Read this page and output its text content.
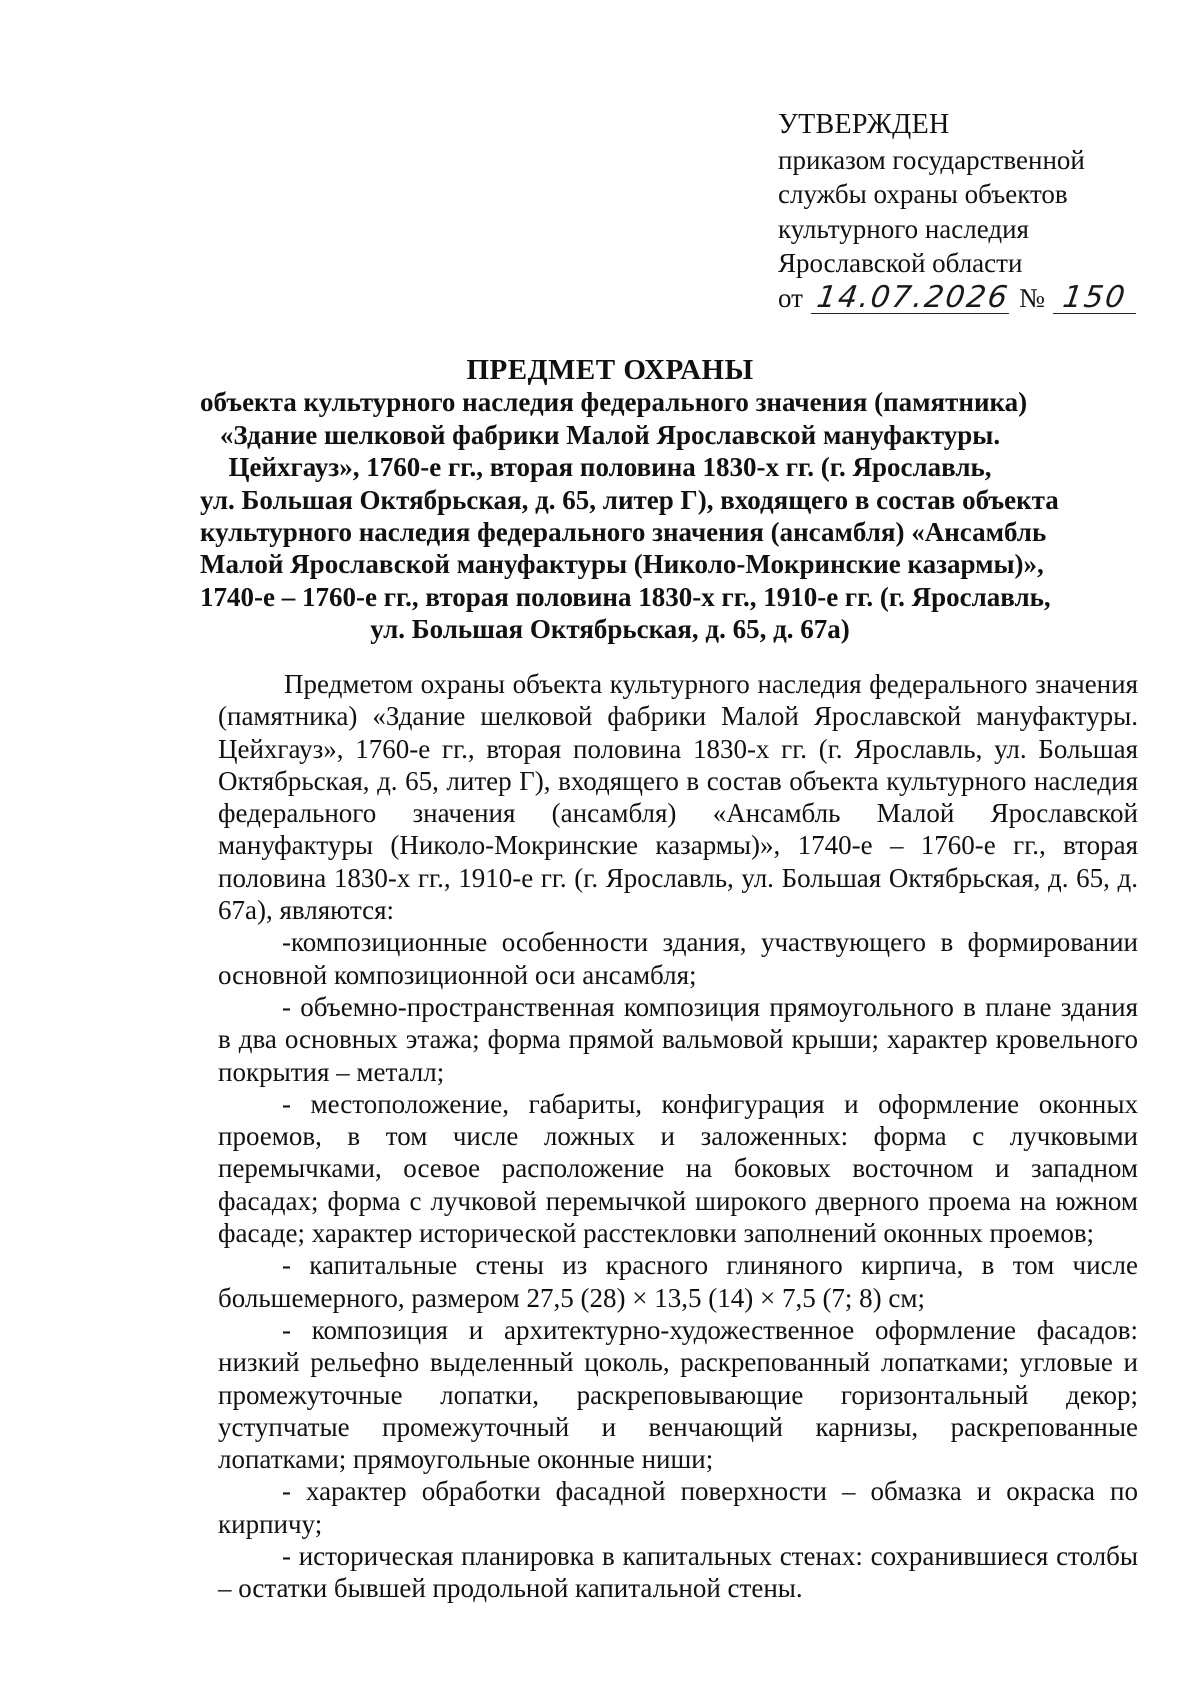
УТВЕРЖДЕН
приказом государственной
службы охраны объектов
культурного наследия
Ярославской области
от 14.07.2026 № 150
ПРЕДМЕТ ОХРАНЫ
объекта культурного наследия федерального значения (памятника)
«Здание шелковой фабрики Малой Ярославской мануфактуры.
Цейхгауз», 1760-е гг., вторая половина 1830-х гг. (г. Ярославль,
ул. Большая Октябрьская, д. 65, литер Г), входящего в состав объекта
культурного наследия федерального значения (ансамбля) «Ансамбль
Малой Ярославской мануфактуры (Николо-Мокринские казармы)»,
1740-е – 1760-е гг., вторая половина 1830-х гг., 1910-е гг. (г. Ярославль,
ул. Большая Октябрьская, д. 65, д. 67а)

Предметом охраны объекта культурного наследия федерального значения (памятника) «Здание шелковой фабрики Малой Ярославской мануфактуры. Цейхгауз», 1760-е гг., вторая половина 1830-х гг. (г. Ярославль, ул. Большая Октябрьская, д. 65, литер Г), входящего в состав объекта культурного наследия федерального значения (ансамбля) «Ансамбль Малой Ярославской мануфактуры (Николо-Мокринские казармы)», 1740-е – 1760-е гг., вторая половина 1830-х гг., 1910-е гг. (г. Ярославль, ул. Большая Октябрьская, д. 65, д. 67а), являются:

-композиционные особенности здания, участвующего в формировании основной композиционной оси ансамбля;

- объемно-пространственная композиция прямоугольного в плане здания в два основных этажа; форма прямой вальмовой крыши; характер кровельного покрытия – металл;

- местоположение, габариты, конфигурация и оформление оконных проемов, в том числе ложных и заложенных: форма с лучковыми перемычками, осевое расположение на боковых восточном и западном фасадах; форма с лучковой перемычкой широкого дверного проема на южном фасаде; характер исторической расстекловки заполнений оконных проемов;

- капитальные стены из красного глиняного кирпича, в том числе большемерного, размером 27,5 (28) × 13,5 (14) × 7,5 (7; 8) см;

- композиция и архитектурно-художественное оформление фасадов: низкий рельефно выделенный цоколь, раскрепованный лопатками; угловые и промежуточные лопатки, раскреповывающие горизонтальный декор; уступчатые промежуточный и венчающий карнизы, раскрепованные лопатками; прямоугольные оконные ниши;

- характер обработки фасадной поверхности – обмазка и окраска по кирпичу;

- историческая планировка в капитальных стенах: сохранившиеся столбы – остатки бывшей продольной капитальной стены.
